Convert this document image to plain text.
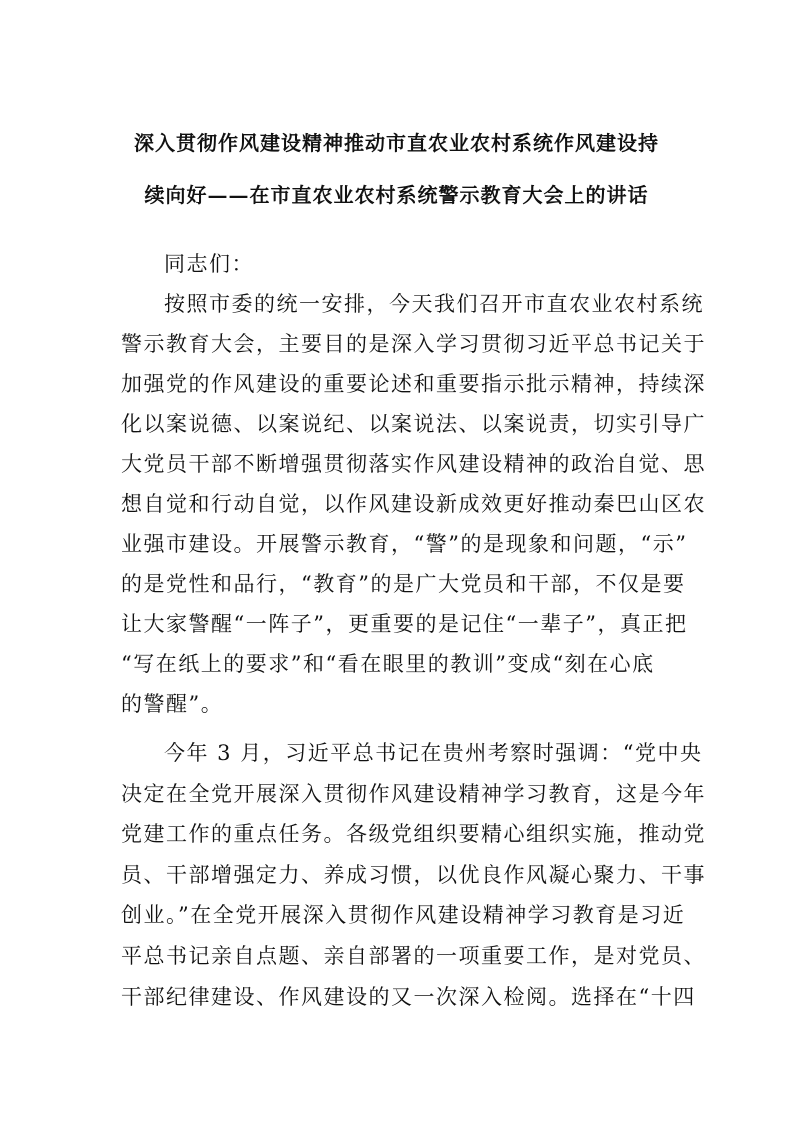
深入贯彻作风建设精神推动市直农业农村系统作风建设持
续向好——在市直农业农村系统警示教育大会上的讲话
同志们：
按照市委的统一安排，今天我们召开市直农业农村系统
警示教育大会，主要目的是深入学习贯彻习近平总书记关于
加强党的作风建设的重要论述和重要指示批示精神，持续深
化以案说德、以案说纪、以案说法、以案说责，切实引导广
大党员干部不断增强贯彻落实作风建设精神的政治自觉、思
想自觉和行动自觉，以作风建设新成效更好推动秦巴山区农
业强市建设。开展警示教育，“警”的是现象和问题，“示”
的是党性和品行，“教育”的是广大党员和干部，不仅是要
让大家警醒“一阵子”，更重要的是记住“一辈子”，真正把
“写在纸上的要求”和“看在眼里的教训”变成“刻在心底
的警醒”。
今年 3 月，习近平总书记在贵州考察时强调：“党中央
决定在全党开展深入贯彻作风建设精神学习教育，这是今年
党建工作的重点任务。各级党组织要精心组织实施，推动党
员、干部增强定力、养成习惯，以优良作风凝心聚力、干事
创业。”在全党开展深入贯彻作风建设精神学习教育是习近
平总书记亲自点题、亲自部署的一项重要工作，是对党员、
干部纪律建设、作风建设的又一次深入检阅。选择在“十四
